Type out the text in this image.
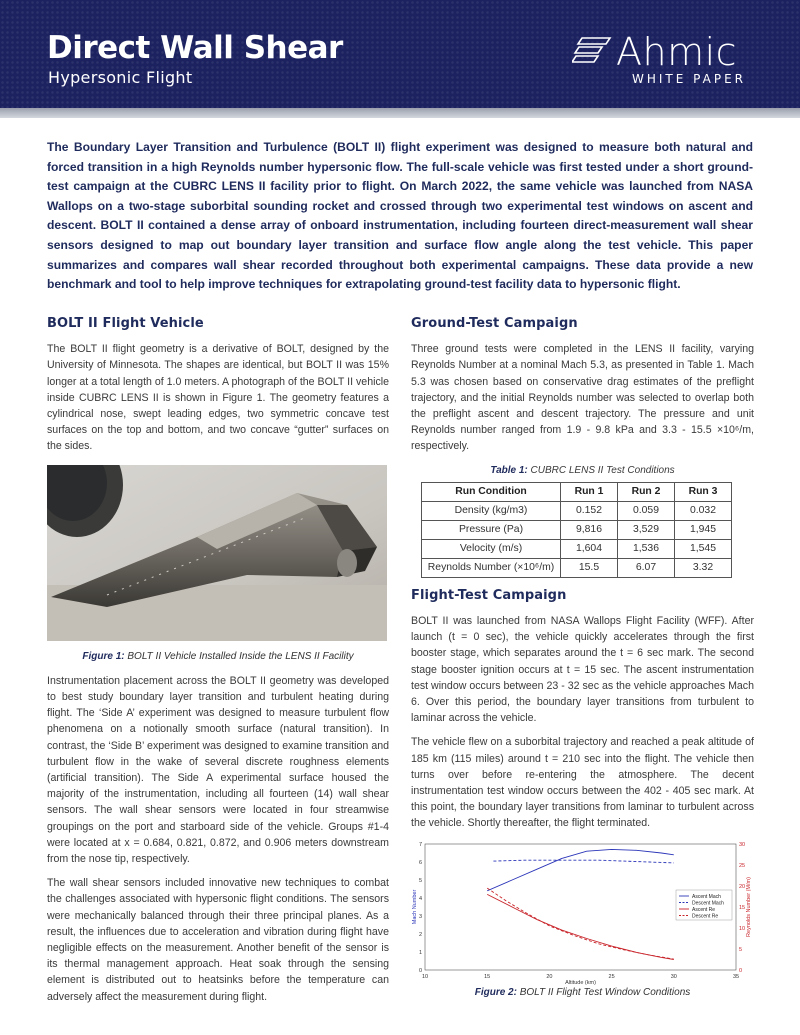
Direct Wall Shear
Hypersonic Flight
Ahmic
WHITE PAPER
The Boundary Layer Transition and Turbulence (BOLT II) flight experiment was designed to measure both natural and forced transition in a high Reynolds number hypersonic flow. The full-scale vehicle was first tested under a short ground-test campaign at the CUBRC LENS II facility prior to flight. On March 2022, the same vehicle was launched from NASA Wallops on a two-stage suborbital sounding rocket and crossed through two experimental test windows on ascent and descent. BOLT II contained a dense array of onboard instrumentation, including fourteen direct-measurement wall shear sensors designed to map out boundary layer transition and surface flow angle along the test vehicle. This paper summarizes and compares wall shear recorded throughout both experimental campaigns. These data provide a new benchmark and tool to help improve techniques for extrapolating ground-test facility data to hypersonic flight.
BOLT II Flight Vehicle

The BOLT II flight geometry is a derivative of BOLT, designed by the University of Minnesota. The shapes are identical, but BOLT II was 15% longer at a total length of 1.0 meters. A photograph of the BOLT II vehicle inside CUBRC LENS II is shown in Figure 1. The geometry features a cylindrical nose, swept leading edges, two symmetric concave test surfaces on the top and bottom, and two concave “gutter” surfaces on the sides.

Figure 1: BOLT II Vehicle Installed Inside the LENS II Facility

Instrumentation placement across the BOLT II geometry was developed to best study boundary layer transition and turbulent heating during flight. The ‘Side A’ experiment was designed to measure turbulent flow phenomena on a notionally smooth surface (natural transition). In contrast, the ‘Side B’ experiment was designed to examine transition and turbulent flow in the wake of several discrete roughness elements (artificial transition). The Side A experimental surface housed the majority of the instrumentation, including all fourteen (14) wall shear sensors. The wall shear sensors were located in four streamwise groupings on the port and starboard side of the vehicle. Groups #1-4 were located at x = 0.684, 0.821, 0.872, and 0.906 meters downstream from the nose tip, respectively.

The wall shear sensors included innovative new techniques to combat the challenges associated with hypersonic flight conditions. The sensors were mechanically balanced through their three principal planes. As a result, the influences due to acceleration and vibration during flight have negligible effects on the measurement. Another benefit of the sensor is its thermal management approach. Heat soak through the sensing element is distributed out to heatsinks before the temperature can adversely affect the measurement during flight.

Ground-Test Campaign

Three ground tests were completed in the LENS II facility, varying Reynolds Number at a nominal Mach 5.3, as presented in Table 1. Mach 5.3 was chosen based on conservative drag estimates of the preflight trajectory, and the initial Reynolds number was selected to overlap both the preflight ascent and descent trajectory. The pressure and unit Reynolds number ranged from 1.9 - 9.8 kPa and 3.3 - 15.5 ×10⁶/m, respectively.

Table 1: CUBRC LENS II Test Conditions
Run Condition	Run 1	Run 2	Run 3
Density (kg/m3)	0.152	0.059	0.032
Pressure (Pa)	9,816	3,529	1,945
Velocity (m/s)	1,604	1,536	1,545
Reynolds Number (×10⁶/m)	15.5	6.07	3.32
Flight-Test Campaign

BOLT II was launched from NASA Wallops Flight Facility (WFF). After launch (t = 0 sec), the vehicle quickly accelerates through the first booster stage, which separates around the t = 6 sec mark. The second stage booster ignition occurs at t = 15 sec. The ascent instrumentation test window occurs between 23 - 32 sec as the vehicle approaches Mach 6. Over this period, the boundary layer transitions from turbulent to laminar across the vehicle.

The vehicle flew on a suborbital trajectory and reached a peak altitude of 185 km (115 miles) around t = 210 sec into the flight. The vehicle then turns over before re-entering the atmosphere. The decent instrumentation test window occurs between the 402 - 405 sec mark. At this point, the boundary layer transitions from laminar to turbulent across the vehicle. Shortly thereafter, the flight terminated.

10	15	20	25	30	35
0
1
2
3
4
5
6
7
0
5
10
15
20
25
30
Altitude (km)
Mach Number	Reynolds Number (M/m)
Ascent Mach
Descent Mach
Ascent Re
Descent Re
Figure 2: BOLT II Flight Test Window Conditions
